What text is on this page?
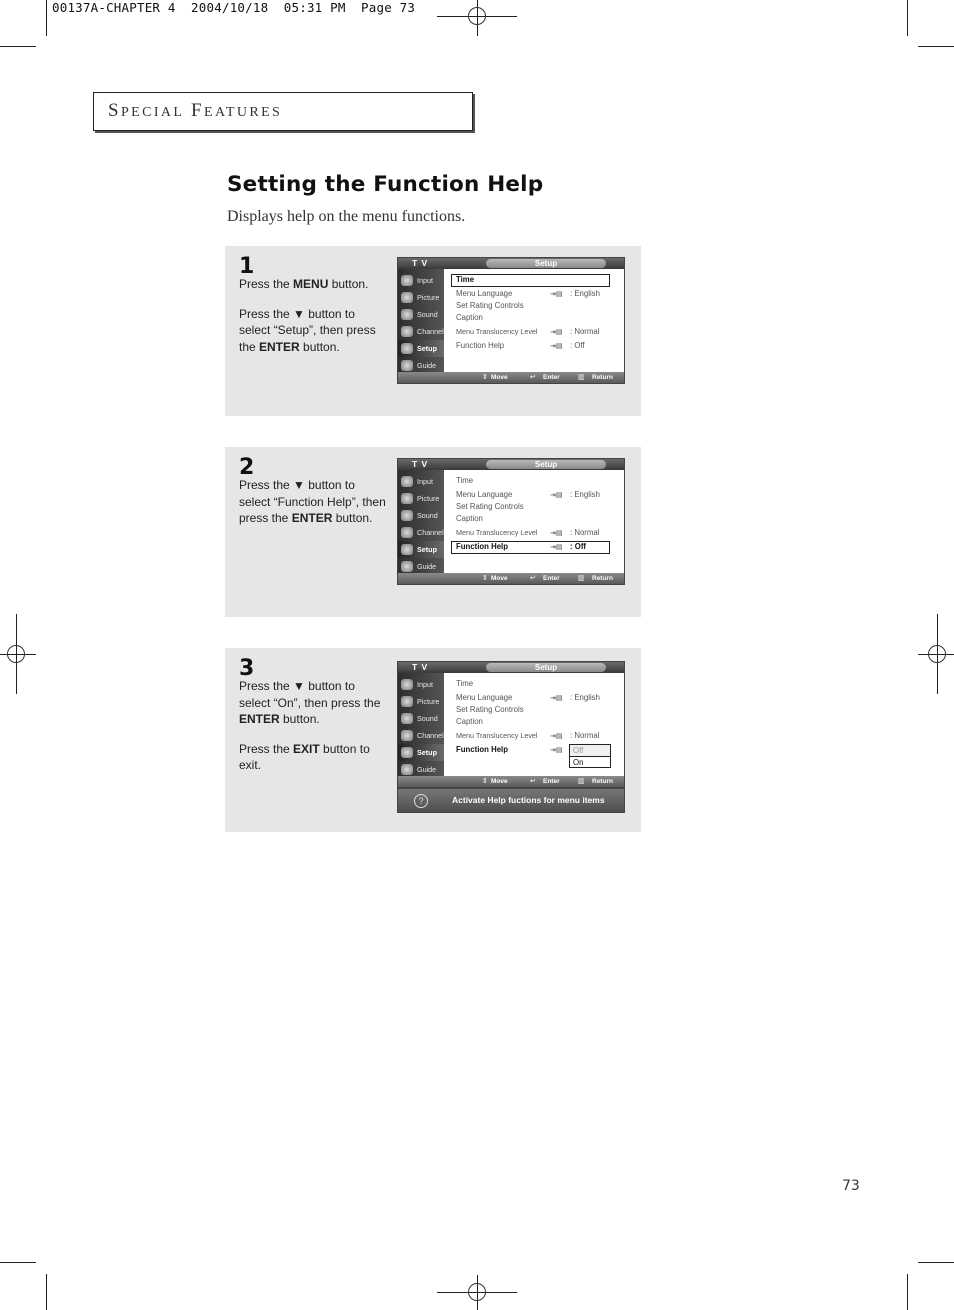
00137A-CHAPTER 4  2004/10/18  05:31 PM  Page 73
SPECIAL FEATURES
Setting the Function Help
Displays help on the menu functions.
1

Press the MENU button.

Press the ▼ button to select “Setup”, then press the ENTER button.

T V	Setup
Input
Picture
Sound
Channel
Setup
Guide
Time
Menu Language	⇥▤ : English
Set Rating Controls
Caption
Menu Translucency Level ⇥▤ : Normal
Function Help	⇥▤ : Off
⇕ Move	↵ Enter	▥ Return
2

Press the ▼ button to select “Function Help”, then press the ENTER button.

T V	Setup
Input
Picture
Sound
Channel
Setup
Guide
Time
Menu Language	⇥▤ : English
Set Rating Controls
Caption
Menu Translucency Level ⇥▤ : Normal
Function Help	⇥▤ : Off
⇕ Move	↵ Enter	▥ Return
3

Press the ▼ button to select “On”, then press the ENTER button.

Press the EXIT button to exit.

T V	Setup
Input
Picture
Sound
Channel
Setup
Guide
Time
Menu Language	⇥▤ : English
Set Rating Controls
Caption
Menu Translucency Level ⇥▤ : Normal
Function Help	⇥▤	Off
On
⇕ Move	↵ Enter	▥ Return
?	Activate Help fuctions for menu items
73
